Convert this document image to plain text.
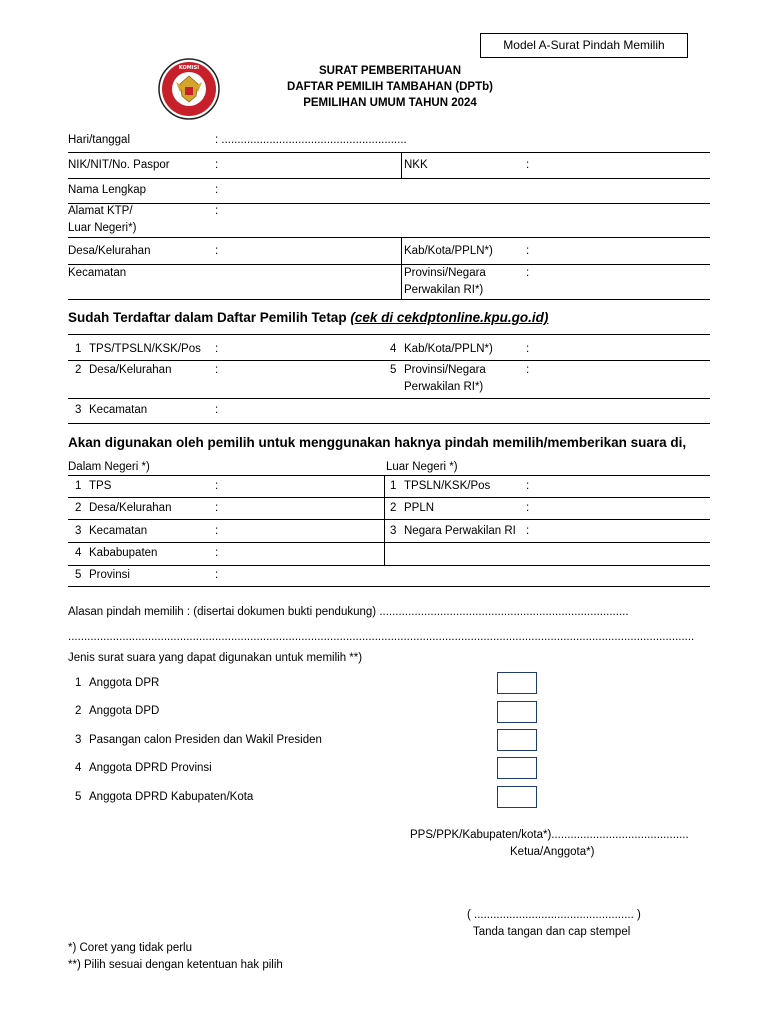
Model A-Surat Pindah Memilih
KOMISI	SURAT PEMBERITAHUAN
DAFTAR PEMILIH TAMBAHAN (DPTb)
PEMILIHAN UMUM TAHUN 2024
Hari/tanggal	: ..........................................................
NIK/NIT/No. Paspor	:	NKK	:
Nama Lengkap	:
Alamat KTP/	:
Luar Negeri*)
Desa/Kelurahan	:	Kab/Kota/PPLN*)	:
Kecamatan	Provinsi/Negara	:
Perwakilan RI*)
Sudah Terdaftar dalam Daftar Pemilih Tetap (cek di cekdptonline.kpu.go.id)
1 TPS/TPSLN/KSK/Pos :	4 Kab/Kota/PPLN*)	:
2 Desa/Kelurahan	:	5 Provinsi/Negara	:
Perwakilan RI*)
3 Kecamatan	:
Akan digunakan oleh pemilih untuk menggunakan haknya pindah memilih/memberikan suara di,
Dalam Negeri *)	Luar Negeri *)
1 TPS	:	1 TPSLN/KSK/Pos	:
2 Desa/Kelurahan	:	2 PPLN	:
3 Kecamatan	:	3 Negara Perwakilan RI :
4 Kababupaten	:
5 Provinsi	:
Alasan pindah memilih : (disertai dokumen bukti pendukung) ..............................................................................
....................................................................................................................................................................................................
Jenis surat suara yang dapat digunakan untuk memilih **)
1 Anggota DPR
2 Anggota DPD
3 Pasangan calon Presiden dan Wakil Presiden
4 Anggota DPRD Provinsi
5 Anggota DPRD Kabupaten/Kota
PPS/PPK/Kabupaten/kota*)...........................................
Ketua/Anggota*)
( .................................................. )
Tanda tangan dan cap stempel
*) Coret yang tidak perlu
**) Pilih sesuai dengan ketentuan hak pilih
